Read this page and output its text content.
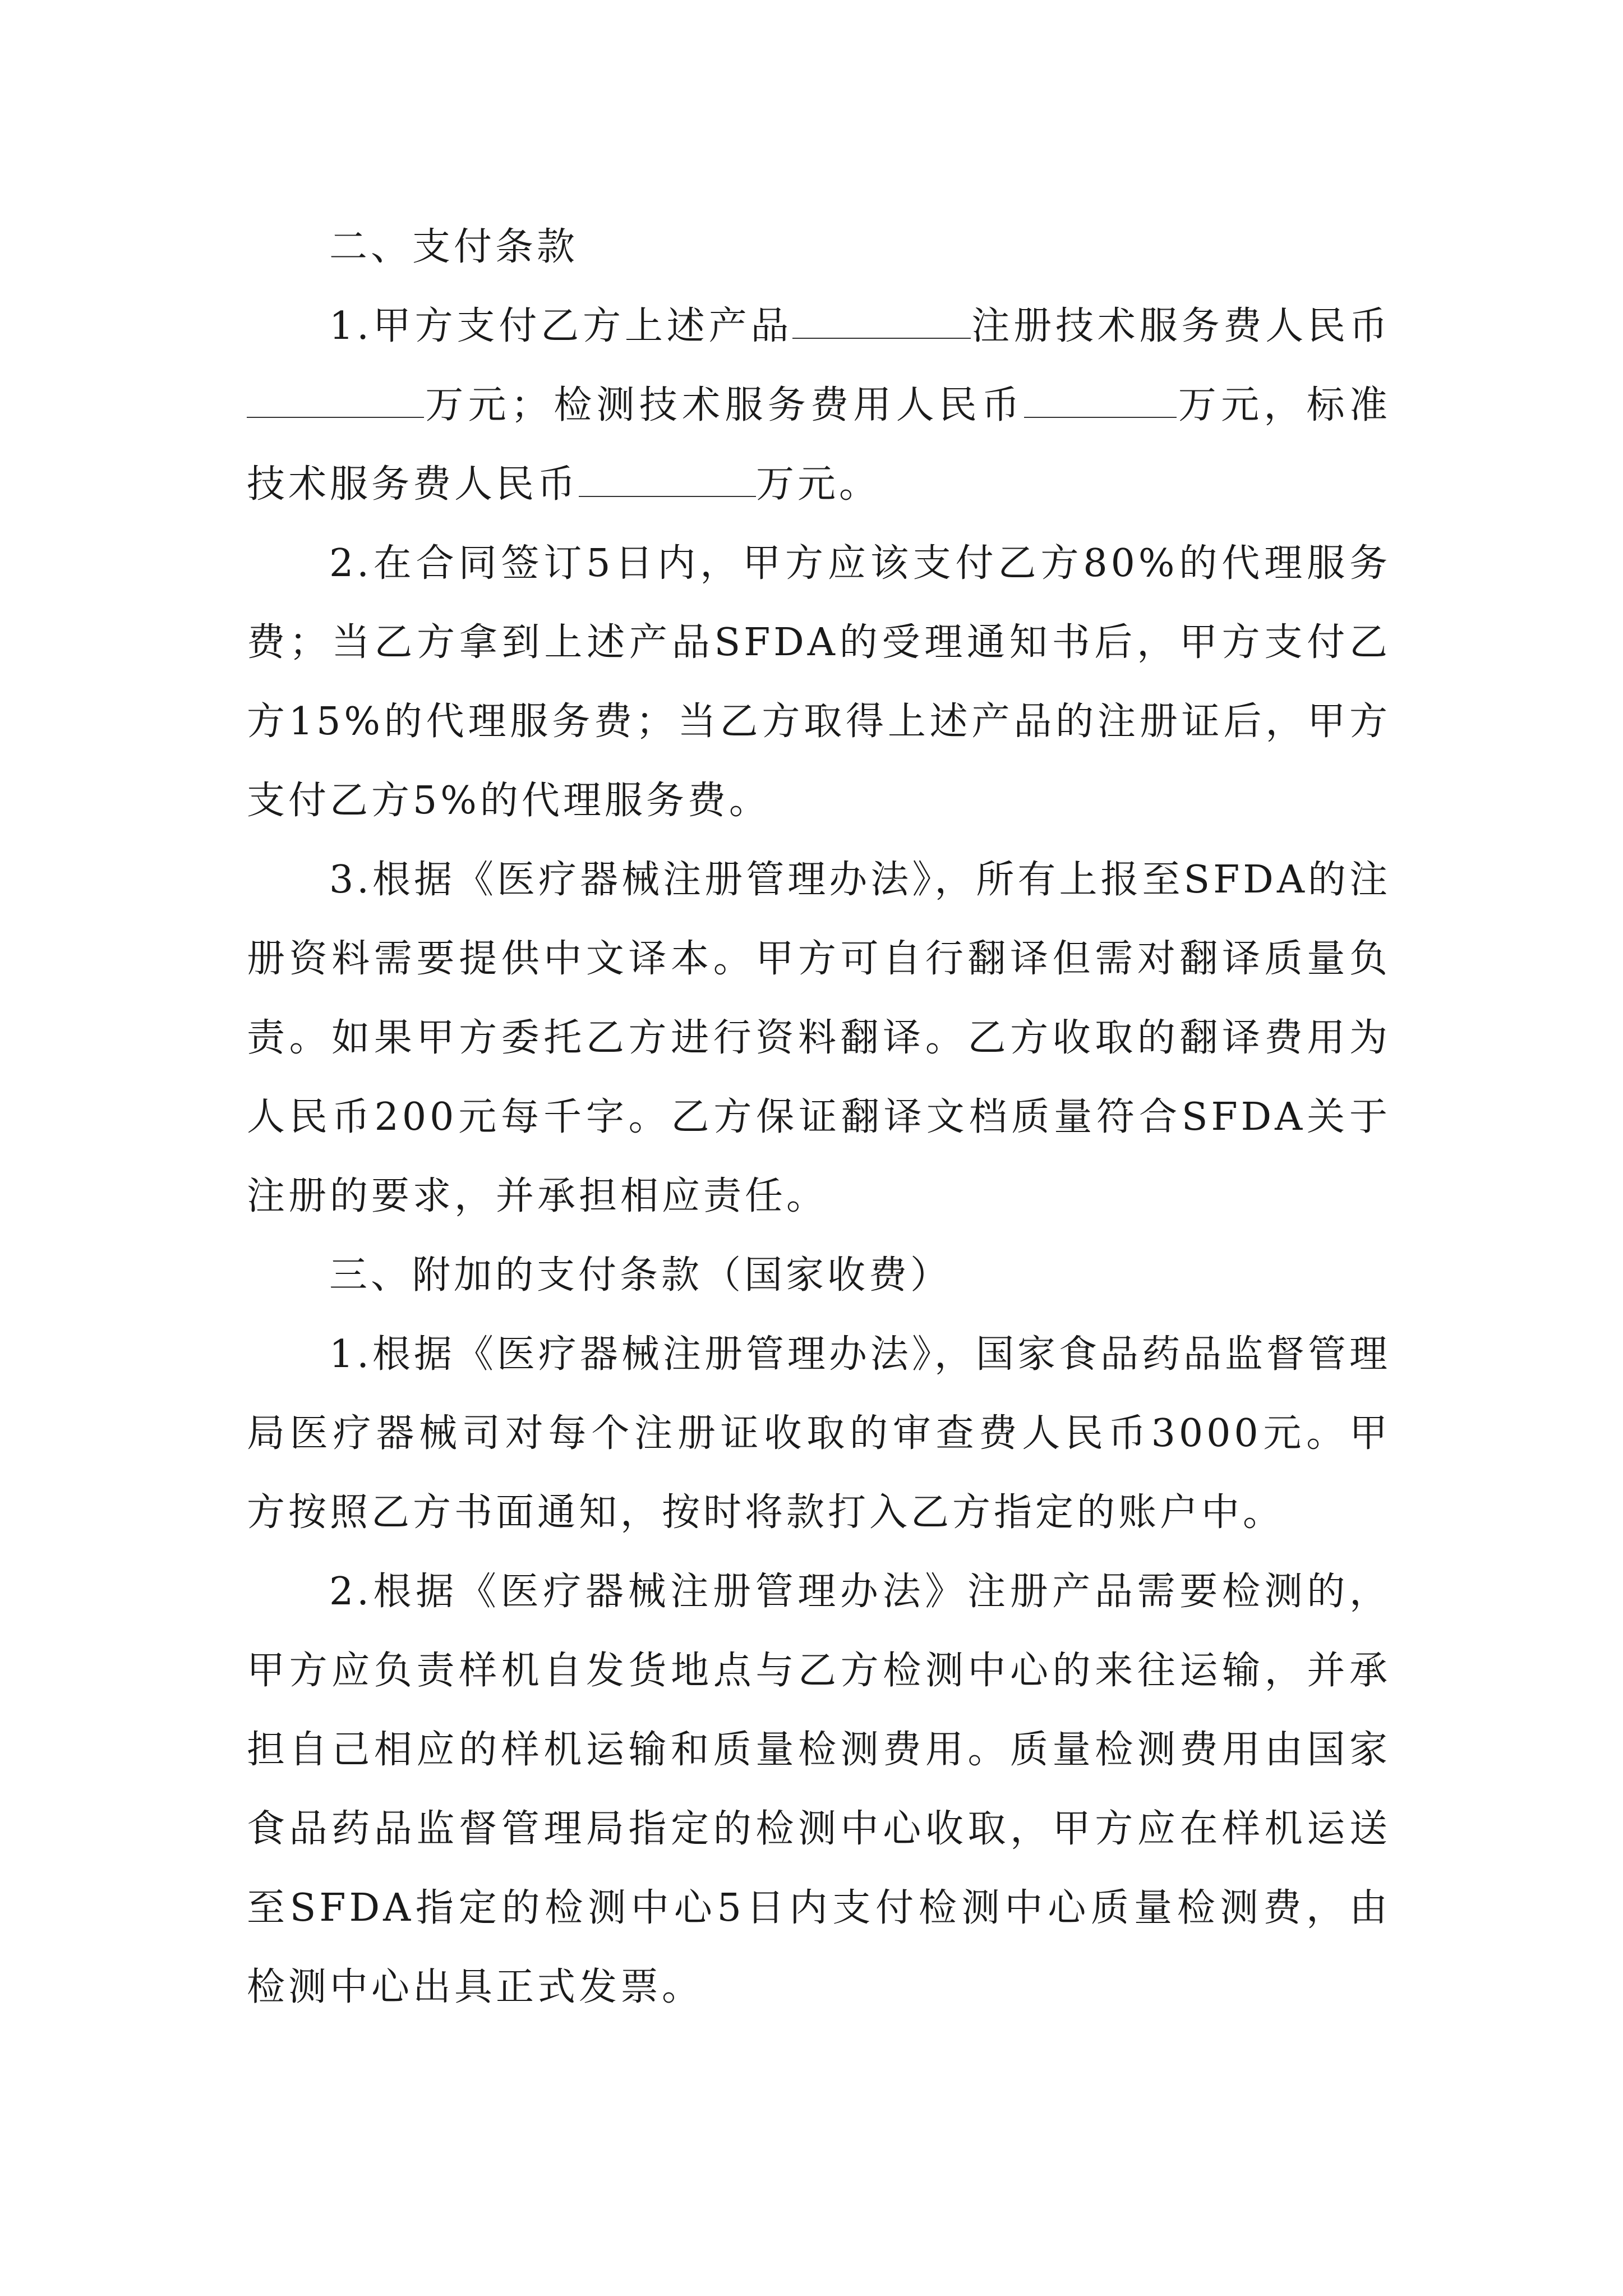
二、支付条款

1.甲方支付乙方上述产品	注册技术服务费人民币万元；检测技术服务费用人民币	万元，标准技术服务费人民币	万元。

2.在合同签订5日内，甲方应该支付乙方80%的代理服务费；当乙方拿到上述产品SFDA的受理通知书后，甲方支付乙方15%的代理服务费；当乙方取得上述产品的注册证后，甲方支付乙方5%的代理服务费。

3.根据《医疗器械注册管理办法》，所有上报至SFDA的注册资料需要提供中文译本。甲方可自行翻译但需对翻译质量负责。如果甲方委托乙方进行资料翻译。乙方收取的翻译费用为人民币200元每千字。乙方保证翻译文档质量符合SFDA关于注册的要求，并承担相应责任。

三、附加的支付条款（国家收费）

1.根据《医疗器械注册管理办法》，国家食品药品监督管理局医疗器械司对每个注册证收取的审查费人民币3000元。甲方按照乙方书面通知，按时将款打入乙方指定的账户中。

2.根据《医疗器械注册管理办法》注册产品需要检测的，甲方应负责样机自发货地点与乙方检测中心的来往运输，并承担自己相应的样机运输和质量检测费用。质量检测费用由国家食品药品监督管理局指定的检测中心收取，甲方应在样机运送至SFDA指定的检测中心5日内支付检测中心质量检测费，由检测中心出具正式发票。
